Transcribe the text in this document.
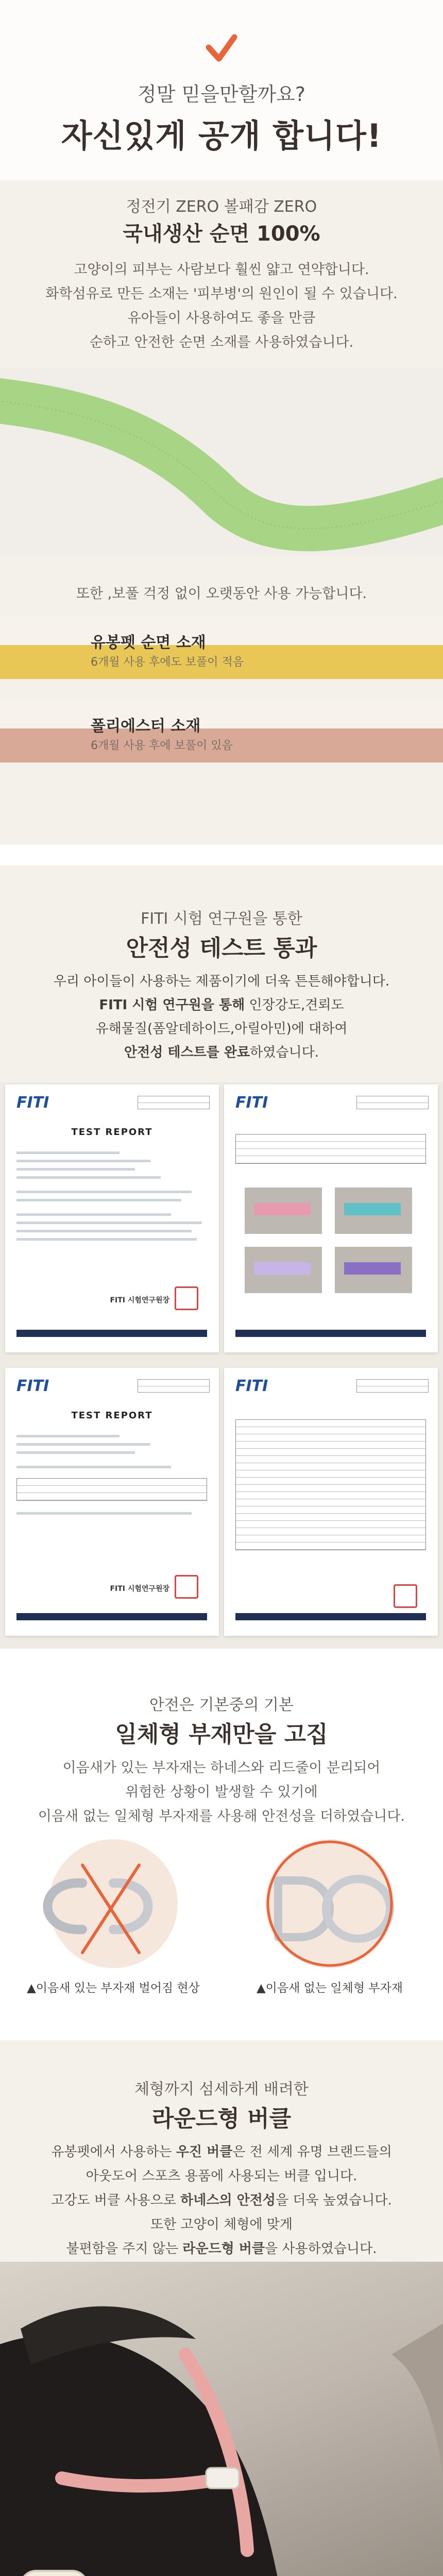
정말 믿을만할까요?
자신있게 공개 합니다!
정전기 ZERO 볼패감 ZERO
국내생산 순면 100%
고양이의 피부는 사람보다 훨씬 얇고 연약합니다.
화학섬유로 만든 소재는 '피부병'의 원인이 될 수 있습니다.
유아들이 사용하여도 좋을 만큼
순하고 안전한 순면 소재를 사용하였습니다.
또한 ,보풀 걱정 없이 오랫동안 사용 가능합니다.
유봉펫 순면 소재
6개월 사용 후에도 보풀이 적음
폴리에스터 소재
6개월 사용 후에 보풀이 있음
FITI 시험 연구원을 통한
안전성 테스트 통과
우리 아이들이 사용하는 제품이기에 더욱 튼튼해야합니다.
FITI 시험 연구원을 통해 인장강도,견뢰도
유해물질(폼알데하이드,아릴아민)에 대하여
안전성 테스트를 완료하였습니다.
FITI
TEST REPORT
FITI 시험연구원장
FITI
FITI
TEST REPORT
FITI 시험연구원장
FITI
안전은 기본중의 기본
일체형 부재만을 고집
이음새가 있는 부자재는 하네스와 리드줄이 분리되어
위험한 상황이 발생할 수 있기에
이음새 없는 일체형 부자재를 사용해 안전성을 더하였습니다.
▲이음새 있는 부자재 벌어짐 현상	▲이음새 없는 일체형 부자재
체형까지 섬세하게 배려한
라운드형 버클
유봉펫에서 사용하는 우진 버클은 전 세계 유명 브랜드들의
아웃도어 스포츠 용품에 사용되는 버클 입니다.
고강도 버클 사용으로 하네스의 안전성을 더욱 높였습니다.
또한 고양이 체형에 맞게
불편함을 주지 않는 라운드형 버클을 사용하였습니다.
